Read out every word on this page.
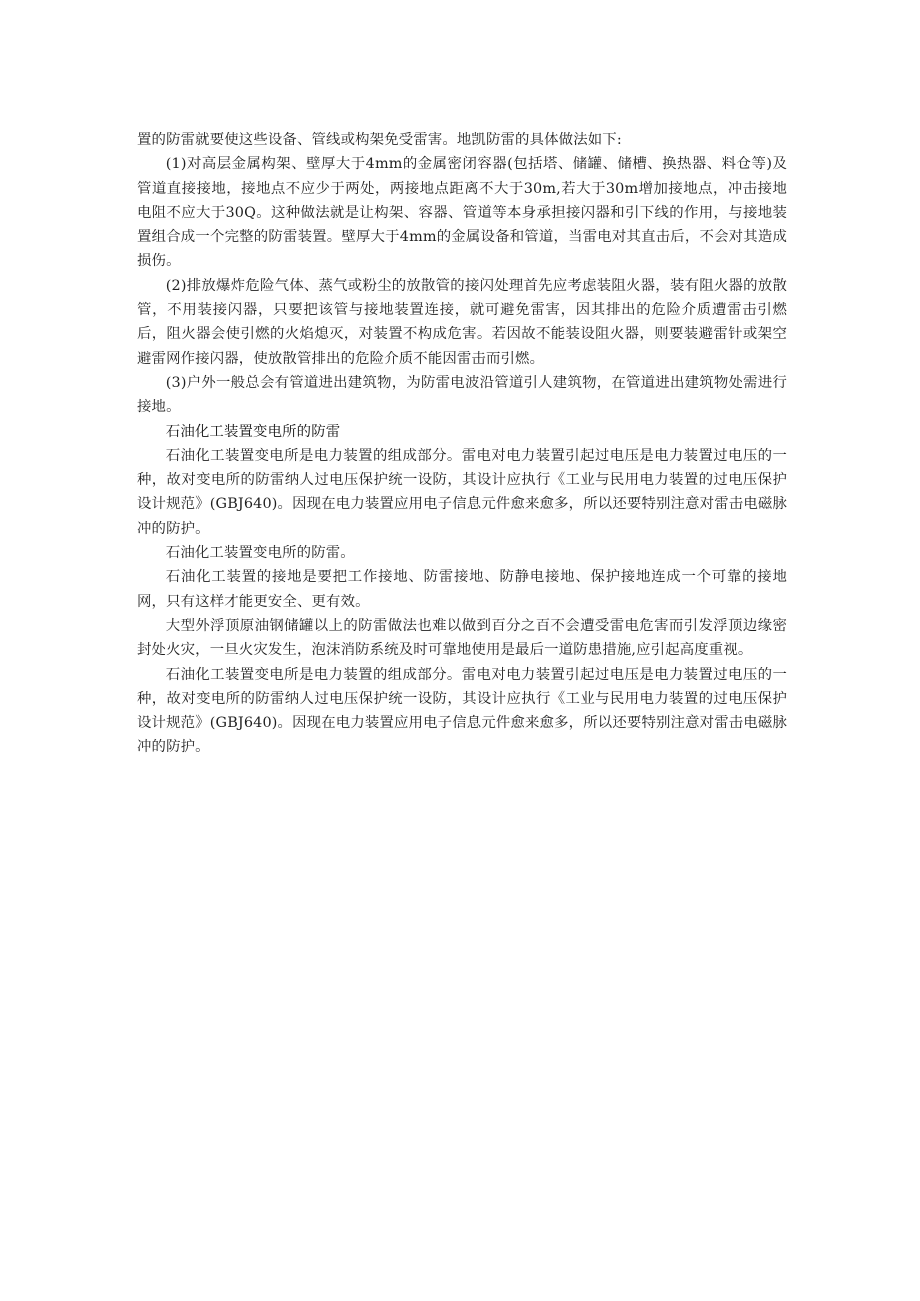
置的防雷就要使这些设备、管线或构架免受雷害。地凯防雷的具体做法如下:

(1)对高层金属构架、壁厚大于4mm的金属密闭容器(包括塔、储罐、储槽、换热器、料仓等)及管道直接接地，接地点不应少于两处，两接地点距离不大于30m,若大于30m增加接地点，冲击接地电阻不应大于30Q。这种做法就是让构架、容器、管道等本身承担接闪器和引下线的作用，与接地装置组合成一个完整的防雷装置。壁厚大于4mm的金属设备和管道，当雷电对其直击后，不会对其造成损伤。

(2)排放爆炸危险气体、蒸气或粉尘的放散管的接闪处理首先应考虑装阻火器，装有阻火器的放散管，不用装接闪器，只要把该管与接地装置连接，就可避免雷害，因其排出的危险介质遭雷击引燃后，阻火器会使引燃的火焰熄灭，对装置不构成危害。若因故不能装设阻火器，则要装避雷针或架空避雷网作接闪器，使放散管排出的危险介质不能因雷击而引燃。

(3)户外一般总会有管道进出建筑物，为防雷电波沿管道引人建筑物，在管道进出建筑物处需进行接地。

石油化工装置变电所的防雷

石油化工装置变电所是电力装置的组成部分。雷电对电力装置引起过电压是电力装置过电压的一种，故对变电所的防雷纳人过电压保护统一设防，其设计应执行《工业与民用电力装置的过电压保护设计规范》(GBJ640)。因现在电力装置应用电子信息元件愈来愈多，所以还要特别注意对雷击电磁脉冲的防护。

石油化工装置变电所的防雷。

石油化工装置的接地是要把工作接地、防雷接地、防静电接地、保护接地连成一个可靠的接地网，只有这样才能更安全、更有效。

大型外浮顶原油钢储罐以上的防雷做法也难以做到百分之百不会遭受雷电危害而引发浮顶边缘密封处火灾，一旦火灾发生，泡沫消防系统及时可靠地使用是最后一道防患措施,应引起高度重视。

石油化工装置变电所是电力装置的组成部分。雷电对电力装置引起过电压是电力装置过电压的一种，故对变电所的防雷纳人过电压保护统一设防，其设计应执行《工业与民用电力装置的过电压保护设计规范》(GBJ640)。因现在电力装置应用电子信息元件愈来愈多，所以还要特别注意对雷击电磁脉冲的防护。
